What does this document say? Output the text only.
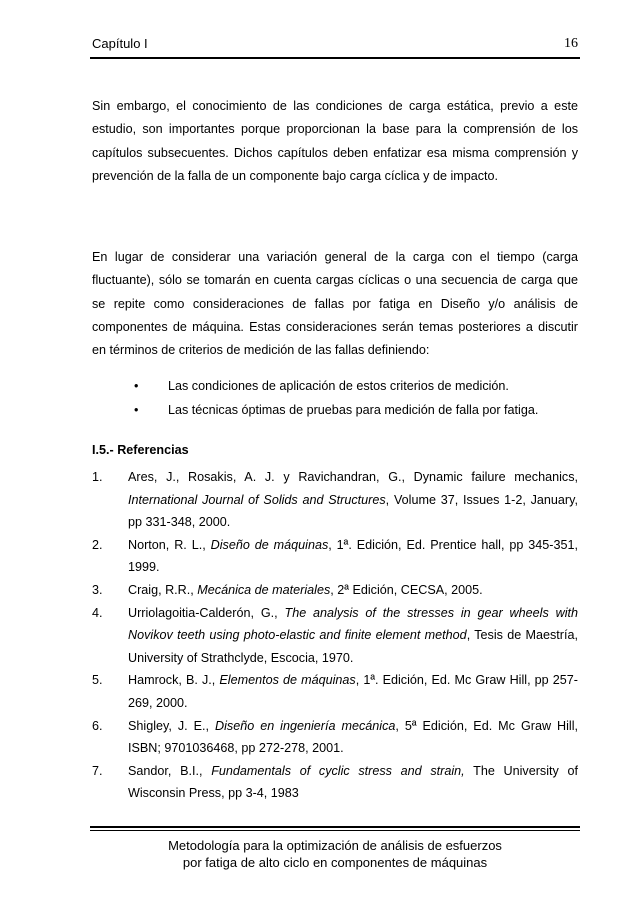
Capítulo I	16
Sin embargo, el conocimiento de las condiciones de carga estática, previo a este estudio, son importantes porque proporcionan la base para la comprensión de los capítulos subsecuentes. Dichos capítulos deben enfatizar esa misma comprensión y prevención de la falla de un componente bajo carga cíclica y de impacto.
En lugar de considerar una variación general de la carga con el tiempo (carga fluctuante), sólo se tomarán en cuenta cargas cíclicas o una secuencia de carga que se repite como consideraciones de fallas por fatiga en Diseño y/o análisis de componentes de máquina. Estas consideraciones serán temas posteriores a discutir en términos de criterios de medición de las fallas definiendo:
• Las condiciones de aplicación de estos criterios de medición.
• Las técnicas óptimas de pruebas para medición de falla por fatiga.
I.5.- Referencias
1. Ares, J., Rosakis, A. J. y Ravichandran, G., Dynamic failure mechanics, International Journal of Solids and Structures, Volume 37, Issues 1-2, January, pp 331-348, 2000.
2. Norton, R. L., Diseño de máquinas, 1ª. Edición, Ed. Prentice hall, pp 345-351, 1999.
3. Craig, R.R., Mecánica de materiales, 2ª Edición, CECSA, 2005.
4. Urriolagoitia-Calderón, G., The analysis of the stresses in gear wheels with Novikov teeth using photo-elastic and finite element method, Tesis de Maestría, University of Strathclyde, Escocia, 1970.
5. Hamrock, B. J., Elementos de máquinas, 1ª. Edición, Ed. Mc Graw Hill, pp 257-269, 2000.
6. Shigley, J. E., Diseño en ingeniería mecánica, 5ª Edición, Ed. Mc Graw Hill, ISBN; 9701036468, pp 272-278, 2001.
7. Sandor, B.I., Fundamentals of cyclic stress and strain, The University of Wisconsin Press, pp 3-4, 1983
Metodología para la optimización de análisis de esfuerzos
por fatiga de alto ciclo en componentes de máquinas
